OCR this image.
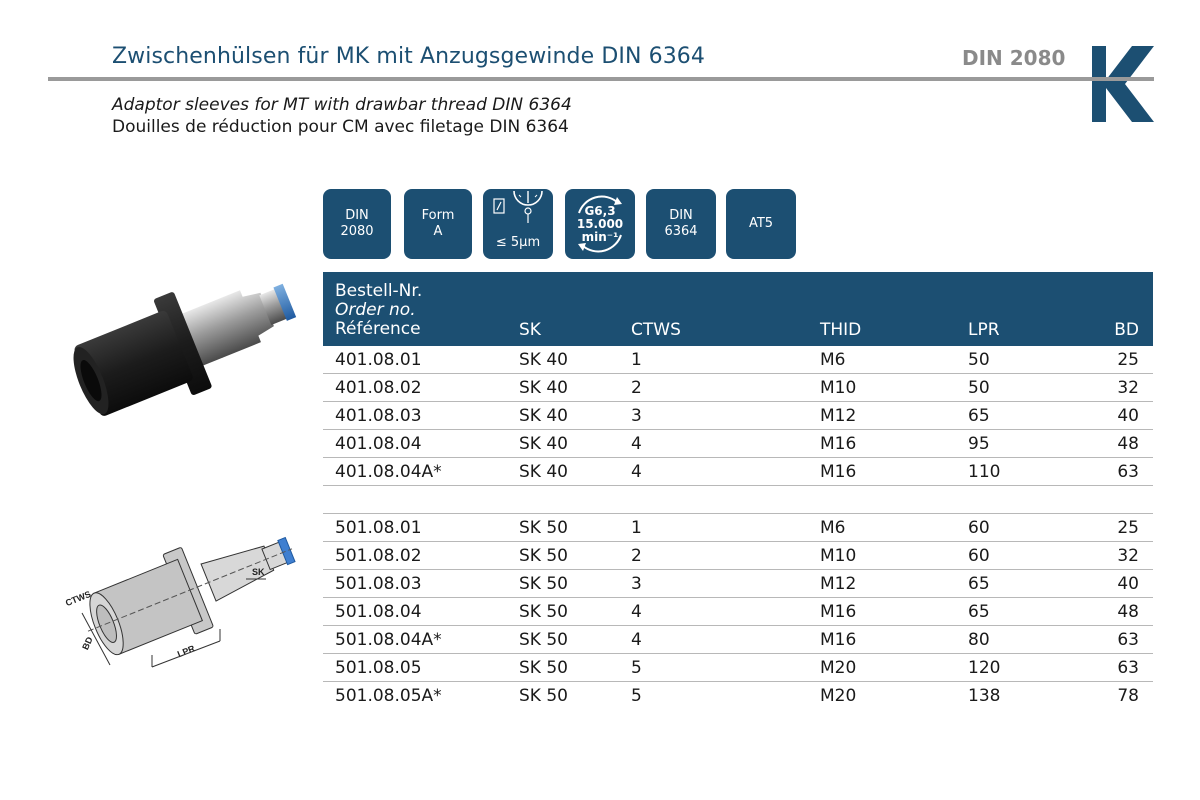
Zwischenhülsen für MK mit Anzugsgewinde DIN 6364	DIN 2080
Adaptor sleeves for MT with drawbar thread DIN 6364
Douilles de réduction pour CM avec filetage DIN 6364
DIN
2080
Form
A
≤ 5µm
G6,3
15.000
min⁻¹
DIN
6364
AT5
Bestell-Nr.
Order no.
Référence	SK	CTWS	THID	LPR	BD
401.08.01	SK 40	1	M6	50	25
401.08.02	SK 40	2	M10	50	32
401.08.03	SK 40	3	M12	65	40
401.08.04	SK 40	4	M16	95	48
401.08.04A*	SK 40	4	M16	110	63
501.08.01	SK 50	1	M6	60	25
501.08.02	SK 50	2	M10	60	32
501.08.03	SK 50	3	M12	65	40
501.08.04	SK 50	4	M16	65	48
501.08.04A*	SK 50	4	M16	80	63
501.08.05	SK 50	5	M20	120	63
501.08.05A*	SK 50	5	M20	138	78
CTWS
BD
LPR
SK
